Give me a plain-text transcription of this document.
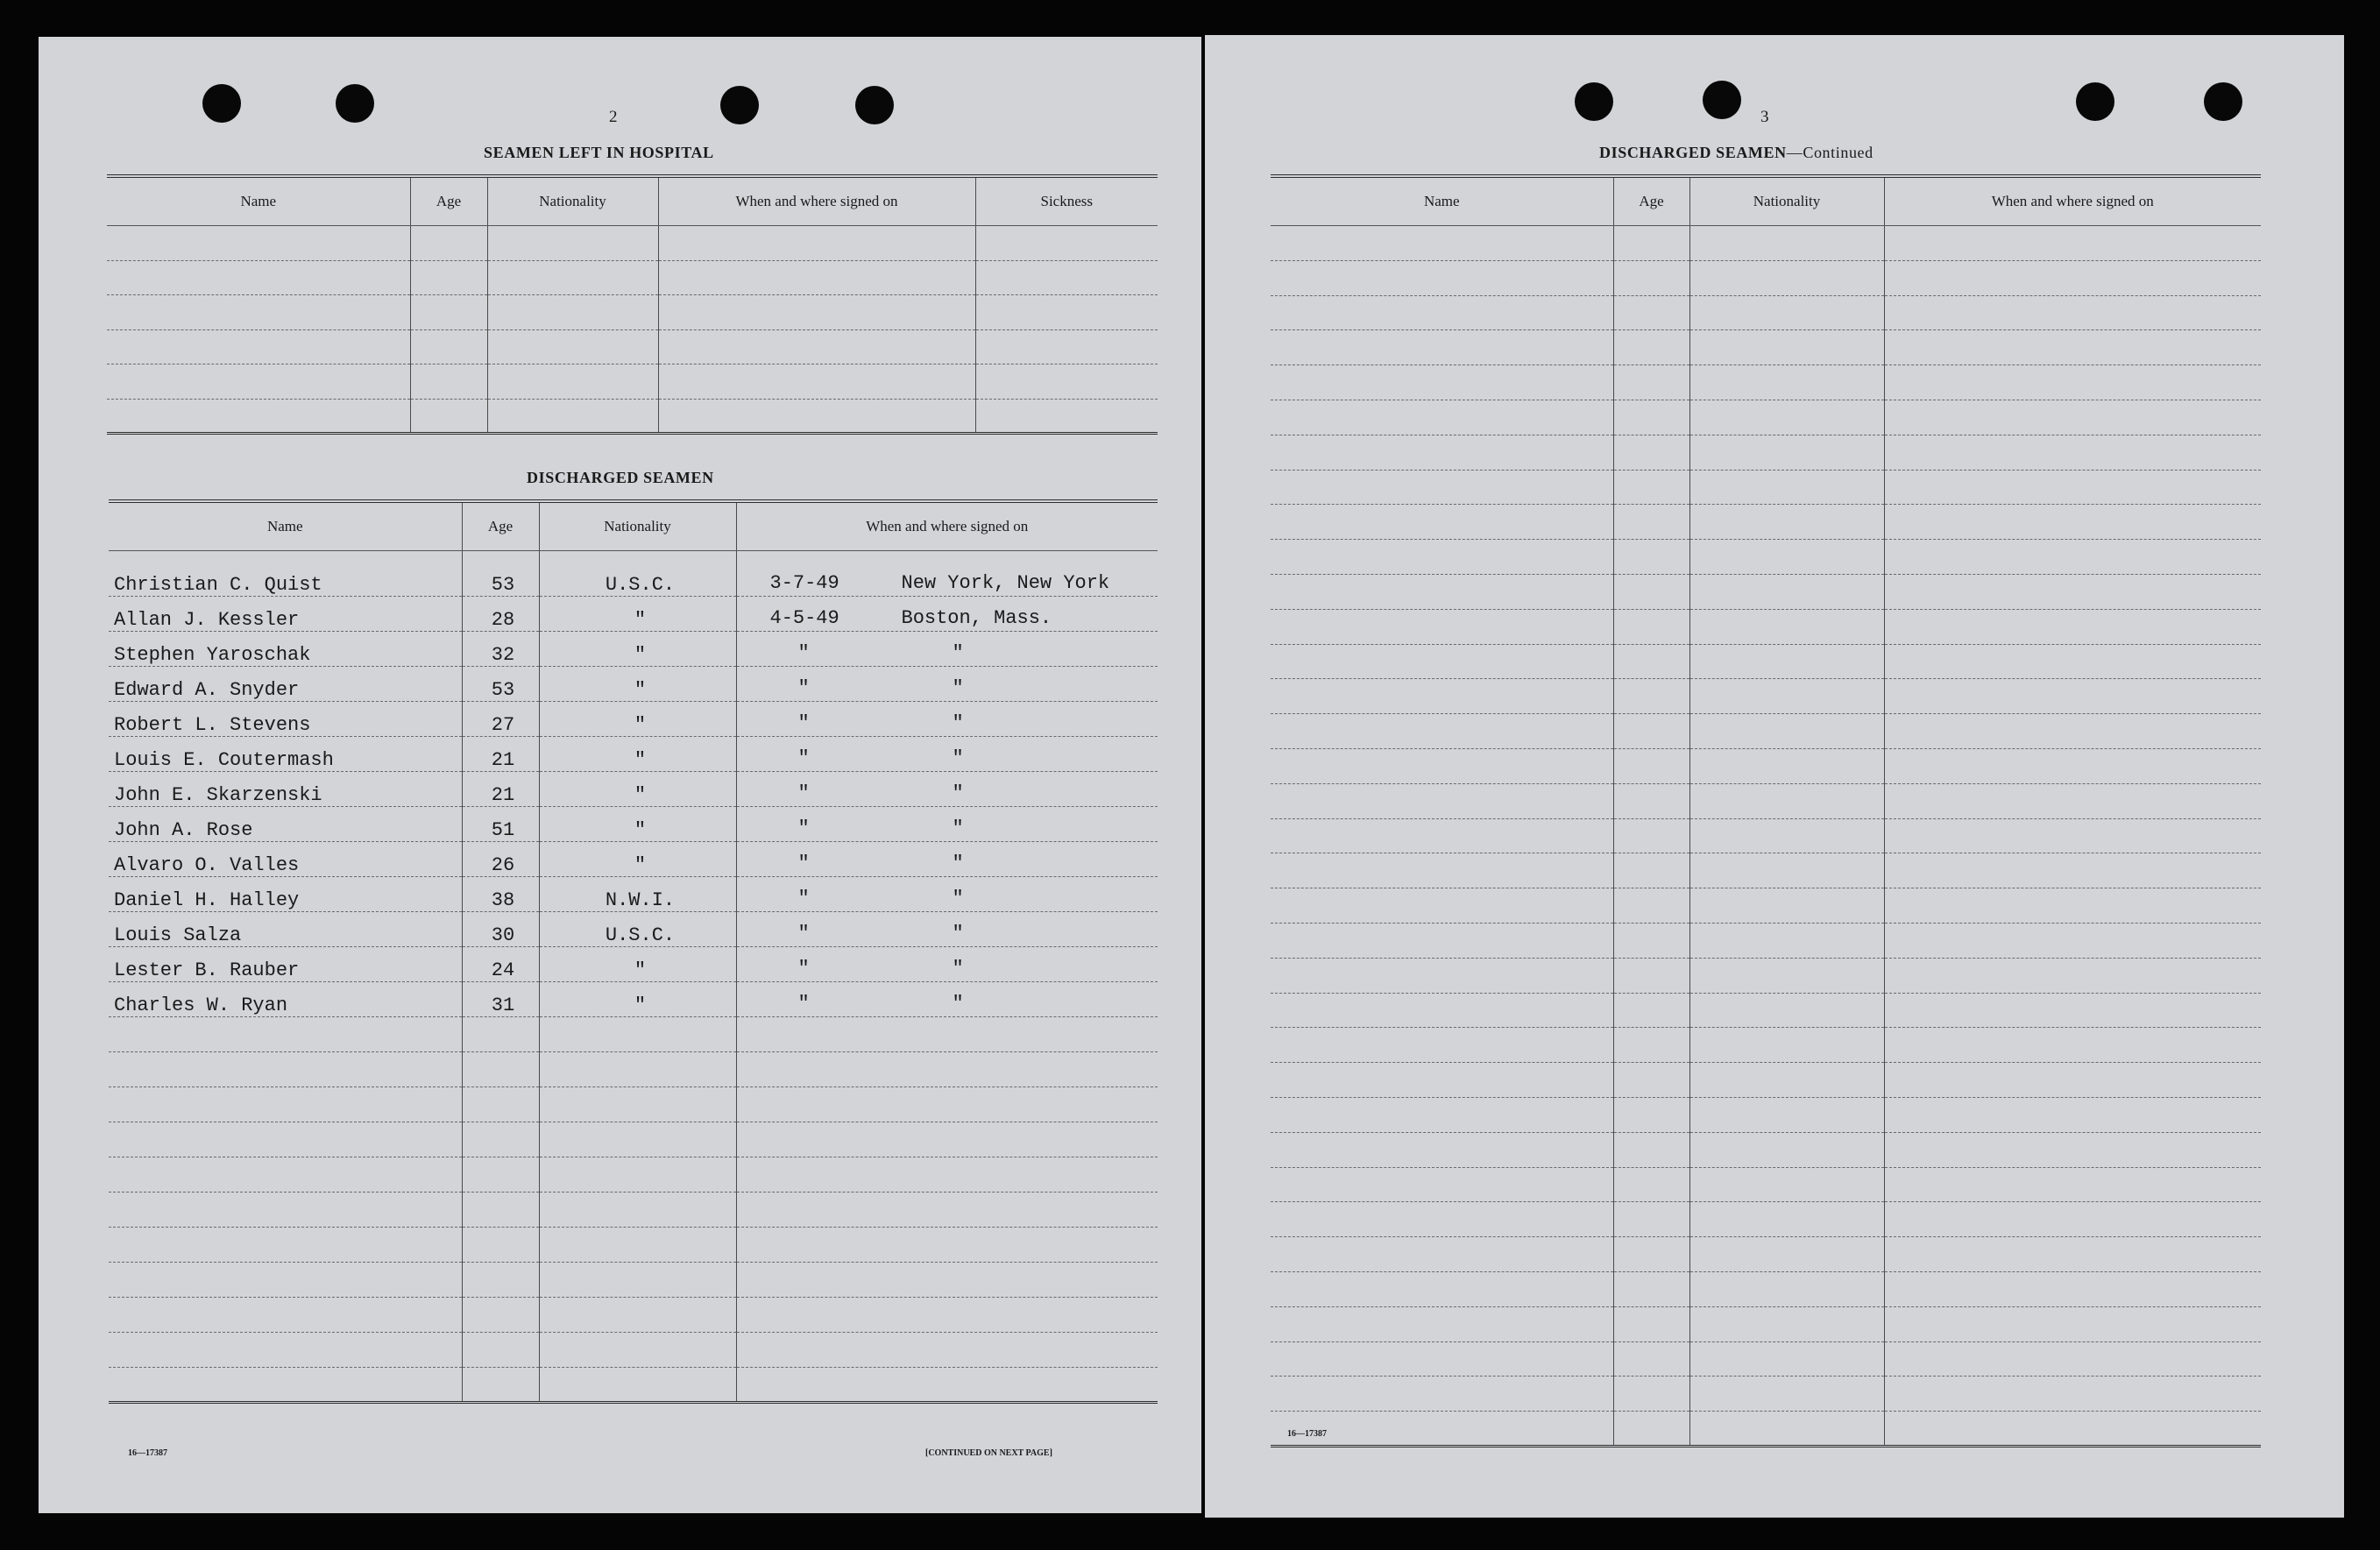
2
SEAMEN LEFT IN HOSPITAL
Name	Age	Nationality	When and where signed on	Sickness

DISCHARGED SEAMEN
Name	Age	Nationality	When and where signed on
Christian C. Quist	53	U.S.C.	3-7-49 New York, New York

Allan J. Kessler	28	"	4-5-49 Boston, Mass.

Stephen Yaroschak	32	"	" "

Edward A. Snyder	53	"	" "

Robert L. Stevens	27	"	" "

Louis E. Coutermash	21	"	" "

John E. Skarzenski	21	"	" "

John A. Rose	51	"	" "

Alvaro O. Valles	26	"	" "

Daniel H. Halley	38	N.W.I.	" "

Louis Salza	30	U.S.C.	" "

Lester B. Rauber	24	"	" "

Charles W. Ryan	31	"	" "

16—17387	[CONTINUED ON NEXT PAGE]
3
DISCHARGED SEAMEN—Continued
Name	Age	Nationality	When and where signed on

16—17387
